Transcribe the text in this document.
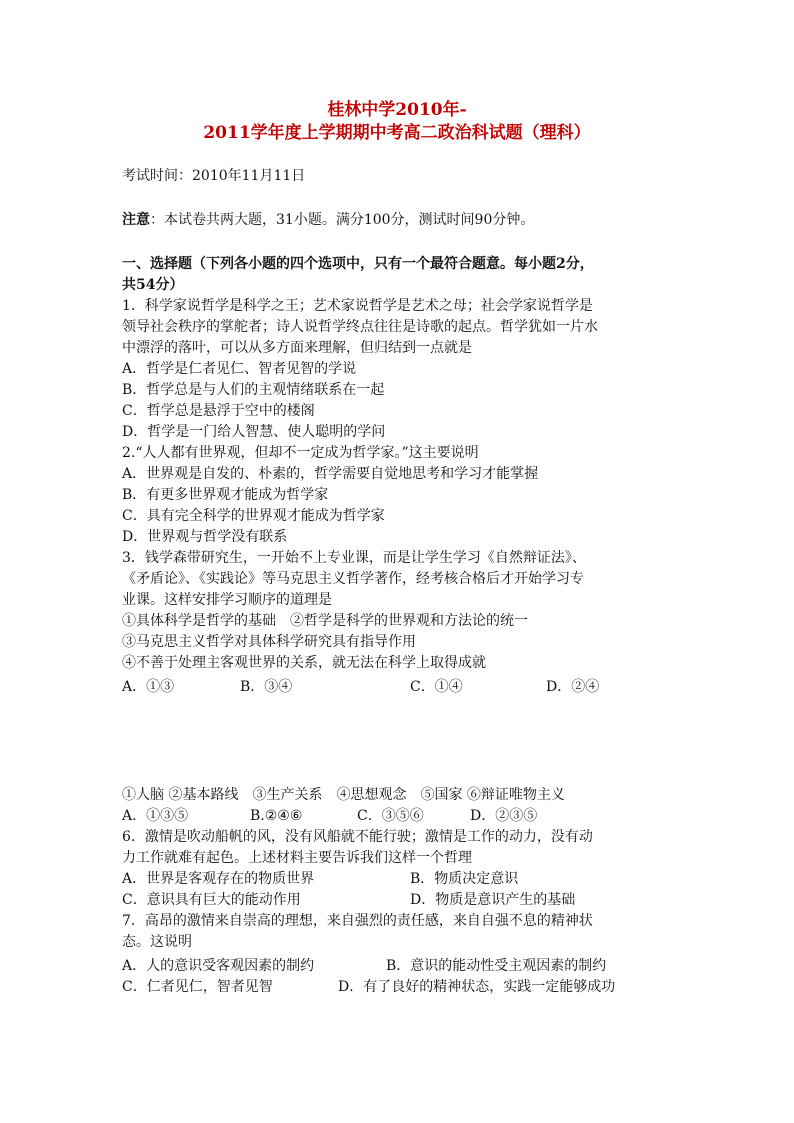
桂林中学2010年-
2011学年度上学期期中考高二政治科试题（理科）
考试时间：2010年11月11日
注意：本试卷共两大题，31小题。满分100分，测试时间90分钟。
一、选择题（下列各小题的四个选项中，只有一个最符合题意。每小题2分，
共54分）
1．科学家说哲学是科学之王；艺术家说哲学是艺术之母；社会学家说哲学是
领导社会秩序的掌舵者；诗人说哲学终点往往是诗歌的起点。哲学犹如一片水
中漂浮的落叶，可以从多方面来理解，但归结到一点就是
A．哲学是仁者见仁、智者见智的学说
B．哲学总是与人们的主观情绪联系在一起
C．哲学总是悬浮于空中的楼阁
D．哲学是一门给人智慧、使人聪明的学问
2.“人人都有世界观，但却不一定成为哲学家。”这主要说明
A．世界观是自发的、朴素的，哲学需要自觉地思考和学习才能掌握
B．有更多世界观才能成为哲学家
C．具有完全科学的世界观才能成为哲学家
D．世界观与哲学没有联系
3．钱学森带研究生，一开始不上专业课，而是让学生学习《自然辩证法》、
《矛盾论》、《实践论》等马克思主义哲学著作，经考核合格后才开始学习专
业课。这样安排学习顺序的道理是
①具体科学是哲学的基础　②哲学是科学的世界观和方法论的统一
③马克思主义哲学对具体科学研究具有指导作用
④不善于处理主客观世界的关系，就无法在科学上取得成就
A．①③	B．③④	C．①④	D．②④
①人脑 ②基本路线　③生产关系　④思想观念　⑤国家 ⑥辩证唯物主义
A．①③⑤	B.②④⑥	C．③⑤⑥	D．②③⑤
6．激情是吹动船帆的风，没有风船就不能行驶；激情是工作的动力，没有动
力工作就难有起色。上述材料主要告诉我们这样一个哲理
A．世界是客观存在的物质世界	B．物质决定意识
C．意识具有巨大的能动作用	D．物质是意识产生的基础
7．高昂的激情来自崇高的理想，来自强烈的责任感，来自自强不息的精神状
态。这说明
A．人的意识受客观因素的制约	B．意识的能动性受主观因素的制约
C．仁者见仁，智者见智	D．有了良好的精神状态，实践一定能够成功
